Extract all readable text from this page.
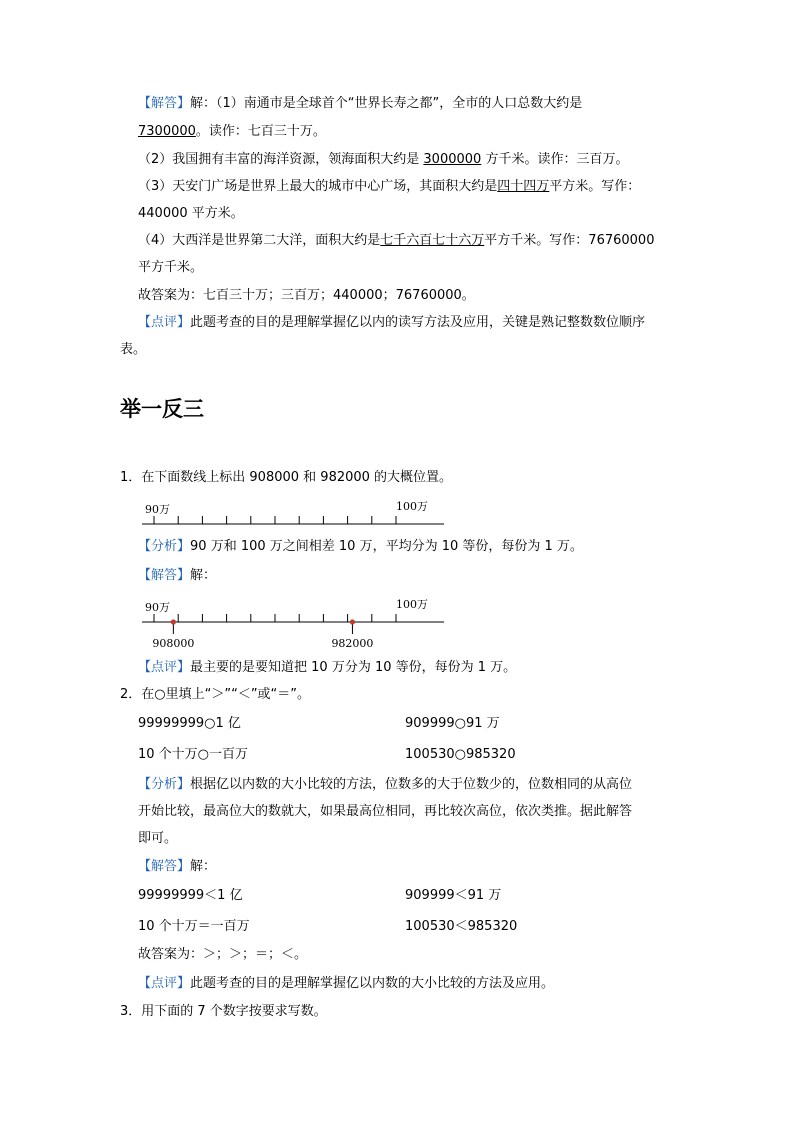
【解答】解：（1）南通市是全球首个“世界长寿之都”，全市的人口总数大约是
7300000。读作：七百三十万。
（2）我国拥有丰富的海洋资源，领海面积大约是 3000000 方千米。读作：三百万。
（3）天安门广场是世界上最大的城市中心广场，其面积大约是四十四万平方米。写作：
440000 平方米。
（4）大西洋是世界第二大洋，面积大约是七千六百七十六万平方千米。写作：76760000
平方千米。
故答案为：七百三十万；三百万；440000；76760000。
【点评】此题考查的目的是理解掌握亿以内的读写方法及应用，关键是熟记整数数位顺序
表。
举一反三
1．在下面数线上标出 908000 和 982000 的大概位置。
90万	100万
【分析】90 万和 100 万之间相差 10 万，平均分为 10 等份，每份为 1 万。
【解答】解：
90万	100万
908000	982000
【点评】最主要的是要知道把 10 万分为 10 等份，每份为 1 万。
2．在○里填上“＞”“＜”或“＝”。
99999999○1 亿	909999○91 万
10 个十万○一百万	100530○985320
【分析】根据亿以内数的大小比较的方法，位数多的大于位数少的，位数相同的从高位
开始比较，最高位大的数就大，如果最高位相同，再比较次高位，依次类推。据此解答
即可。
【解答】解：
99999999＜1 亿	909999＜91 万
10 个十万＝一百万	100530＜985320
故答案为：＞；＞；＝；＜。
【点评】此题考查的目的是理解掌握亿以内数的大小比较的方法及应用。
3．用下面的 7 个数字按要求写数。
